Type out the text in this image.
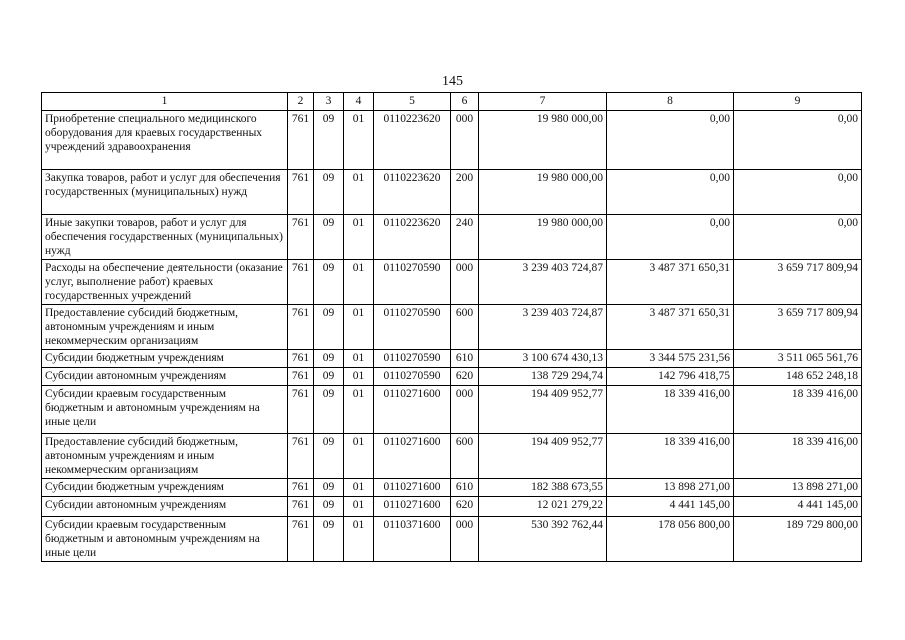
145
1	2	3	4	5	6	7	8	9
Приобретение специального медицинского оборудования для краевых государственных учреждений здравоохранения	761	09	01	0110223620	000	19 980 000,00	0,00	0,00
Закупка товаров, работ и услуг для обеспечения государственных (муниципальных) нужд	761	09	01	0110223620	200	19 980 000,00	0,00	0,00
Иные закупки товаров, работ и услуг для обеспечения государственных (муниципальных) нужд	761	09	01	0110223620	240	19 980 000,00	0,00	0,00
Расходы на обеспечение деятельности (оказание услуг, выполнение работ) краевых государственных учреждений	761	09	01	0110270590	000	3 239 403 724,87	3 487 371 650,31	3 659 717 809,94
Предоставление субсидий бюджетным, автономным учреждениям и иным некоммерческим организациям	761	09	01	0110270590	600	3 239 403 724,87	3 487 371 650,31	3 659 717 809,94
Субсидии бюджетным учреждениям	761	09	01	0110270590	610	3 100 674 430,13	3 344 575 231,56	3 511 065 561,76
Субсидии автономным учреждениям	761	09	01	0110270590	620	138 729 294,74	142 796 418,75	148 652 248,18
Субсидии краевым государственным бюджетным и автономным учреждениям на иные цели	761	09	01	0110271600	000	194 409 952,77	18 339 416,00	18 339 416,00
Предоставление субсидий бюджетным, автономным учреждениям и иным некоммерческим организациям	761	09	01	0110271600	600	194 409 952,77	18 339 416,00	18 339 416,00
Субсидии бюджетным учреждениям	761	09	01	0110271600	610	182 388 673,55	13 898 271,00	13 898 271,00
Субсидии автономным учреждениям	761	09	01	0110271600	620	12 021 279,22	4 441 145,00	4 441 145,00
Субсидии краевым государственным бюджетным и автономным учреждениям на иные цели	761	09	01	0110371600	000	530 392 762,44	178 056 800,00	189 729 800,00
